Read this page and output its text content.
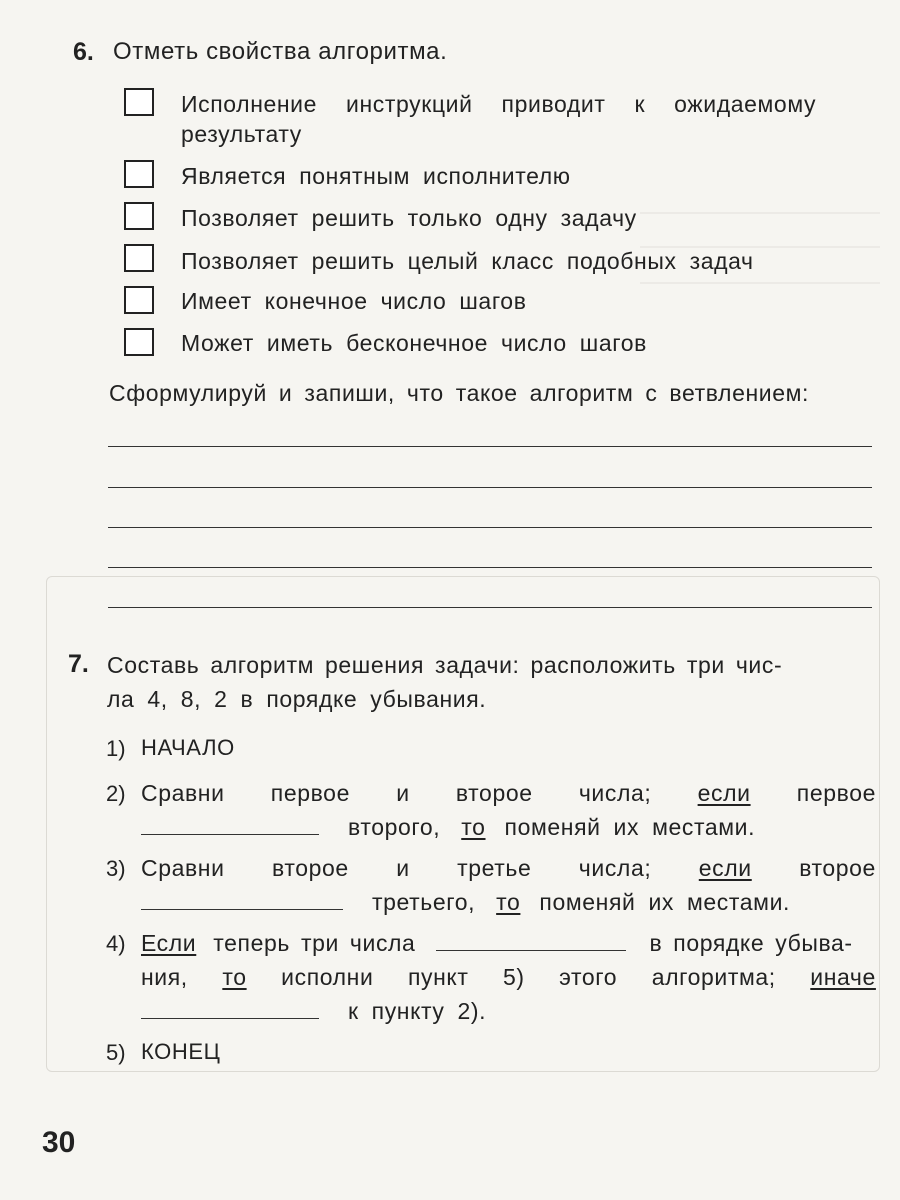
6. Отметь свойства алгоритма.
Исполнение инструкций приводит к ожидаемому
результату
Является понятным исполнителю
Позволяет решить только одну задачу
Позволяет решить целый класс подобных задач
Имеет конечное число шагов
Может иметь бесконечное число шагов
Сформулируй и запиши, что такое алгоритм с ветвлением:
7. Составь алгоритм решения задачи: расположить три чис-
ла 4, 8, 2 в порядке убывания.
1) НАЧАЛО
2) Сравни первое и второе числа; если первое
второго, то поменяй их местами.
3) Сравни второе и третье числа; если второе
третьего, то поменяй их местами.
4) Если теперь три числа	в порядке убыва-
ния, то исполни пункт 5) этого алгоритма; иначе
к пункту 2).
5) КОНЕЦ
30
